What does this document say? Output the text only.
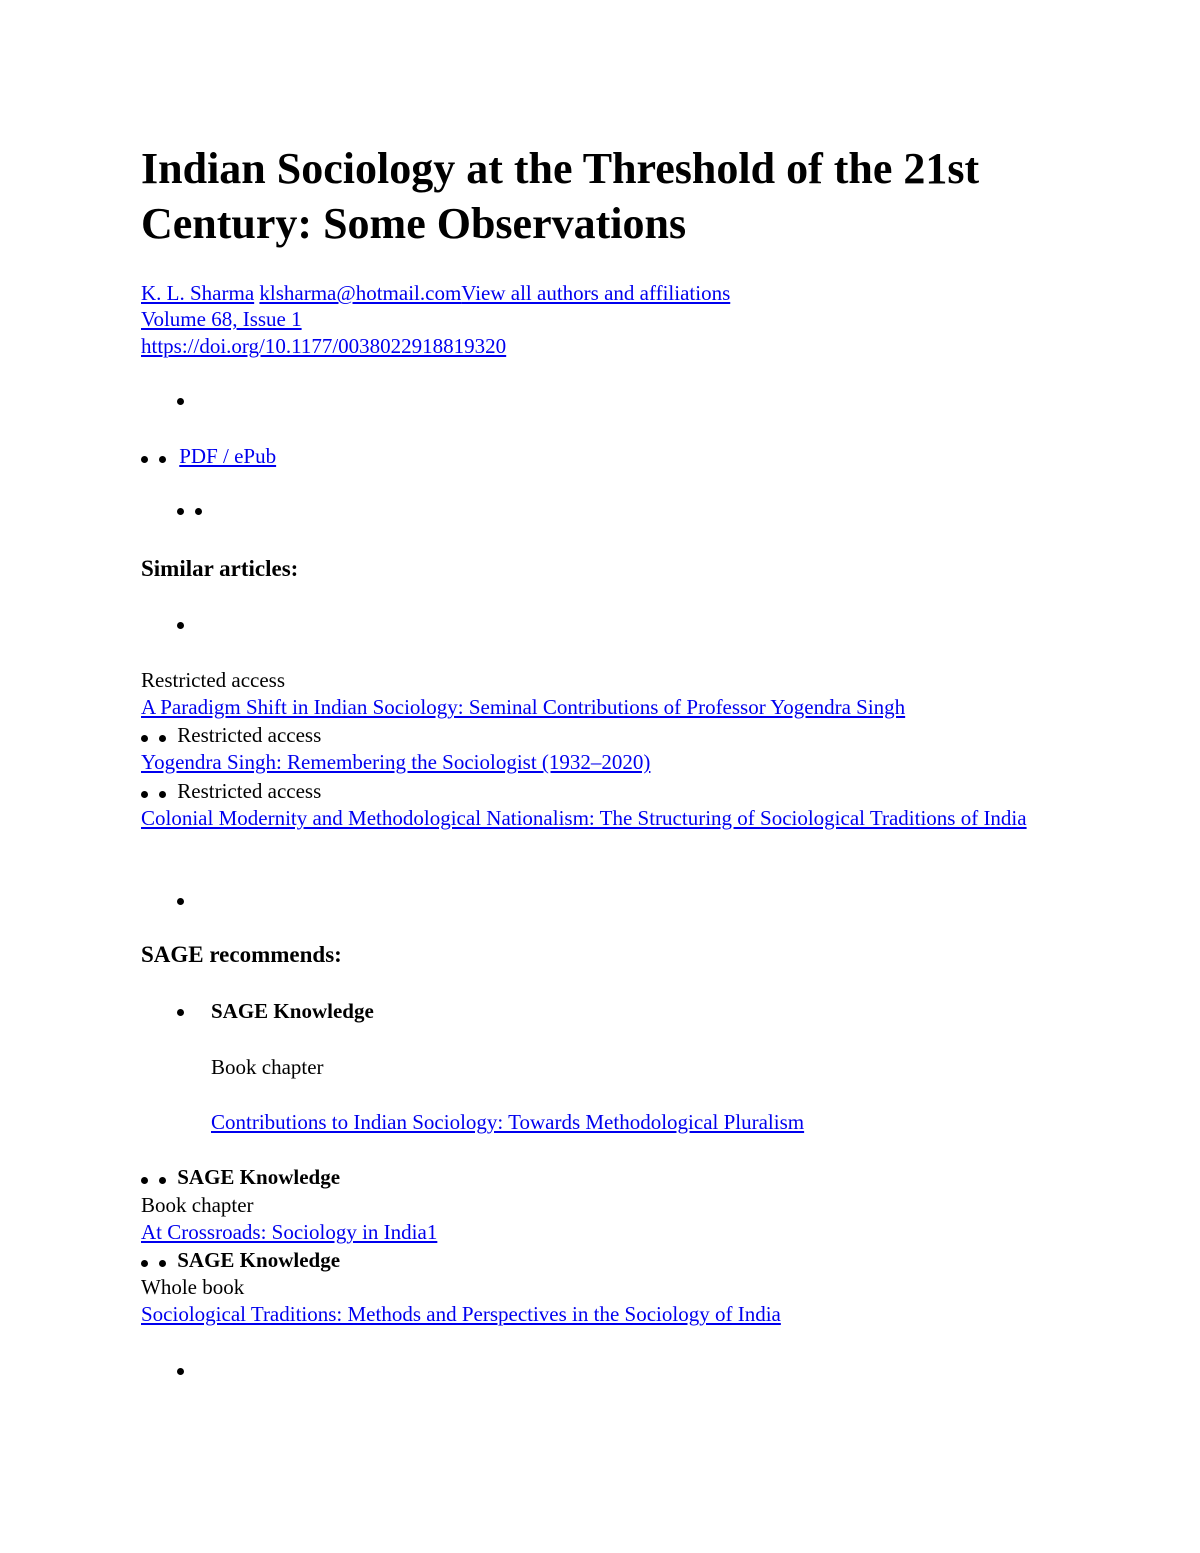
Indian Sociology at the Threshold of the 21st Century: Some Observations
K. L. Sharma klsharma@hotmail.comView all authors and affiliations
Volume 68, Issue 1
https://doi.org/10.1177/0038022918819320
PDF / ePub
Similar articles:
Restricted access
A Paradigm Shift in Indian Sociology: Seminal Contributions of Professor Yogendra Singh
Restricted access
Yogendra Singh: Remembering the Sociologist (1932–2020)
Restricted access
Colonial Modernity and Methodological Nationalism: The Structuring of Sociological Traditions of India
SAGE recommends:
SAGE Knowledge
Book chapter
Contributions to Indian Sociology: Towards Methodological Pluralism
SAGE Knowledge
Book chapter
At Crossroads: Sociology in India1
SAGE Knowledge
Whole book
Sociological Traditions: Methods and Perspectives in the Sociology of India
